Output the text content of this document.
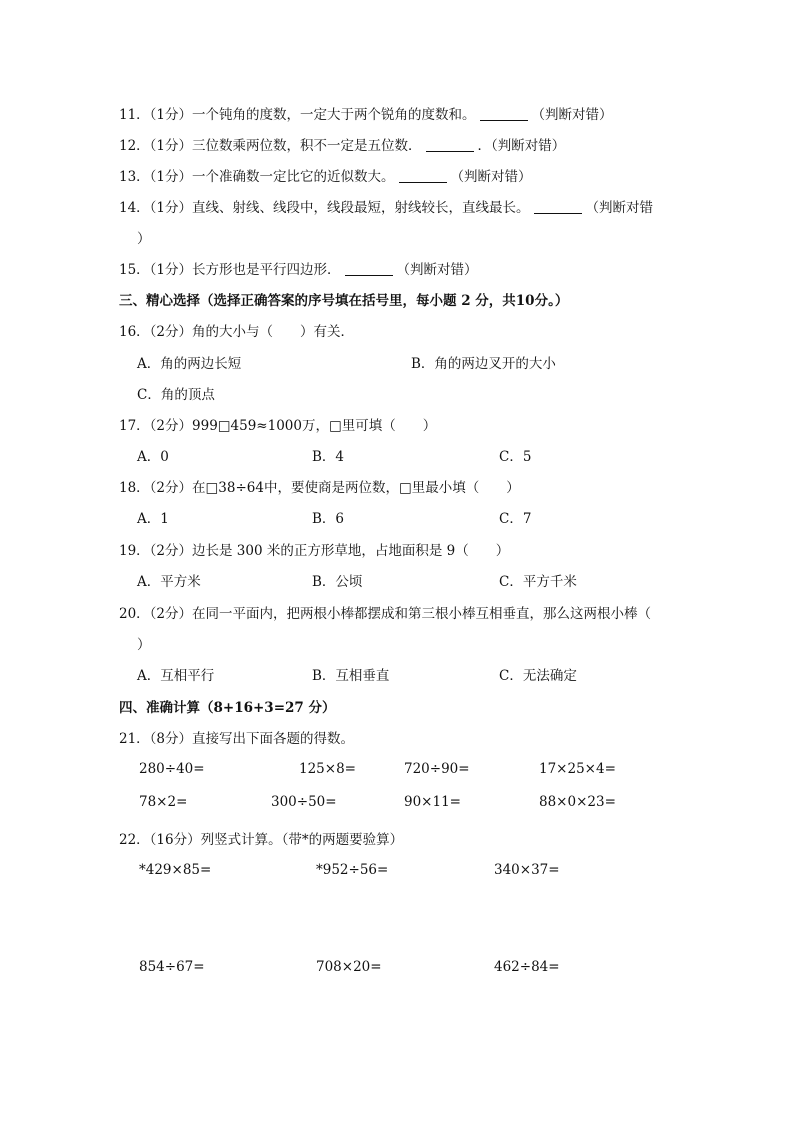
11．（1分）一个钝角的度数，一定大于两个锐角的度数和。	（判断对错）
12．（1分）三位数乘两位数，积不一定是五位数．	．（判断对错）
13．（1分）一个准确数一定比它的近似数大。	（判断对错）
14．（1分）直线、射线、线段中，线段最短，射线较长，直线最长。	（判断对错
）
15．（1分）长方形也是平行四边形．	（判断对错）
三、精心选择（选择正确答案的序号填在括号里，每小题 2 分，共10分。）
16．（2分）角的大小与（　　）有关．
A．角的两边长短	B．角的两边叉开的大小
C．角的顶点
17．（2分）999□459≈1000万，□里可填（　　）
A．0	B．4	C．5
18．（2分）在□38÷64中，要使商是两位数，□里最小填（　　）
A．1	B．6	C．7
19．（2分）边长是 300 米的正方形草地，占地面积是 9（　　）
A．平方米	B．公顷	C．平方千米
20．（2分）在同一平面内，把两根小棒都摆成和第三根小棒互相垂直，那么这两根小棒（
）
A．互相平行	B．互相垂直	C．无法确定
四、准确计算（8+16+3=27 分）
21．（8分）直接写出下面各题的得数。
280÷40=	125×8=	720÷90=	17×25×4=
78×2=	300÷50=	90×11=	88×0×23=
22．（16分）列竖式计算。（带*的两题要验算）
*429×85=	*952÷56=	340×37=
854÷67=	708×20=	462÷84=
